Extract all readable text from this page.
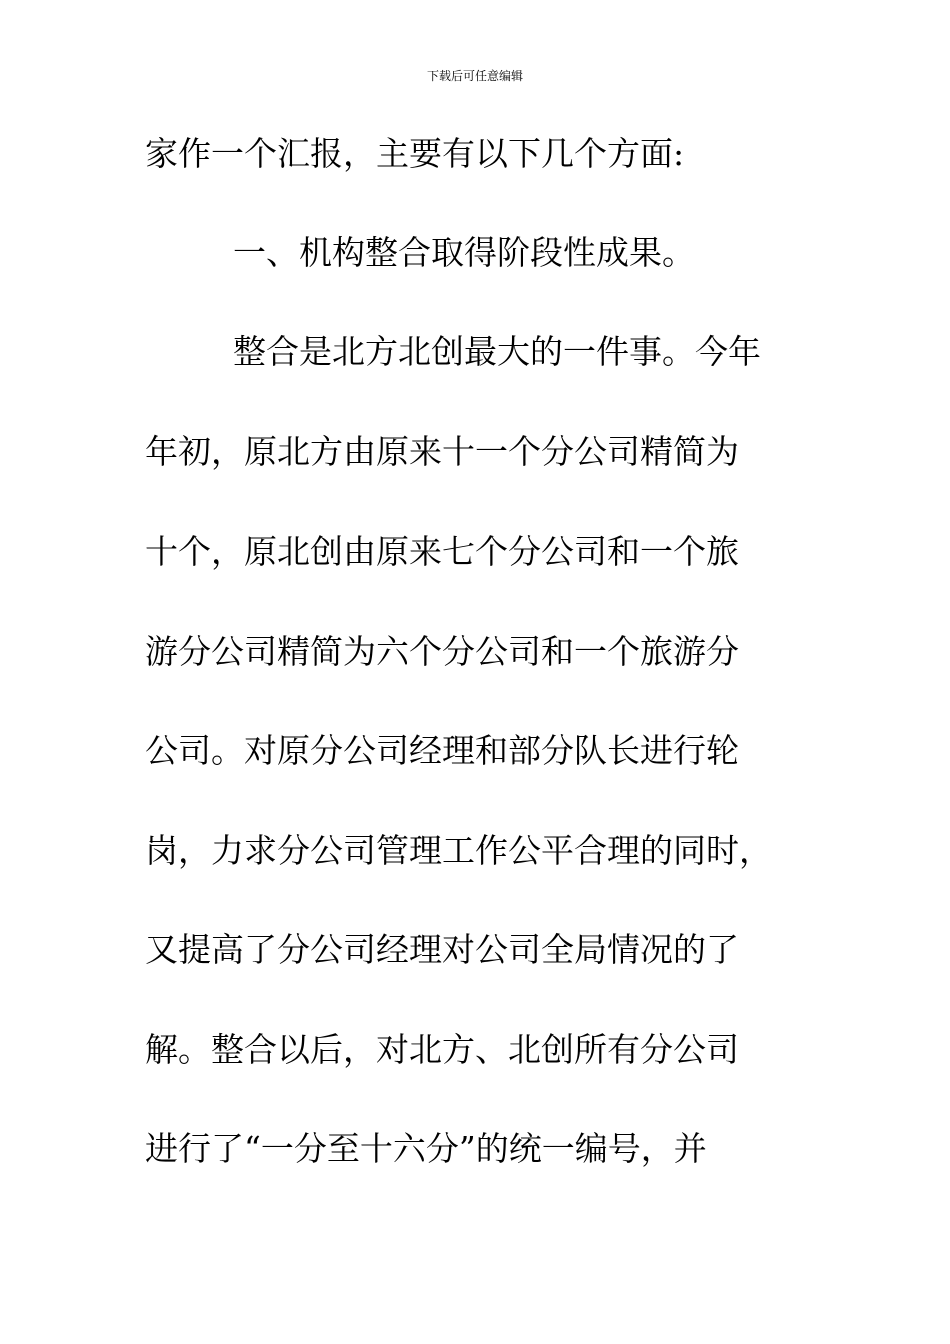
下载后可任意编辑
家作一个汇报，主要有以下几个方面:
一、机构整合取得阶段性成果。
整合是北方北创最大的一件事。今年
年初，原北方由原来十一个分公司精简为
十个，原北创由原来七个分公司和一个旅
游分公司精简为六个分公司和一个旅游分
公司。对原分公司经理和部分队长进行轮
岗，力求分公司管理工作公平合理的同时，
又提高了分公司经理对公司全局情况的了
解。整合以后，对北方、北创所有分公司
进行了“一分至十六分”的统一编号，并
